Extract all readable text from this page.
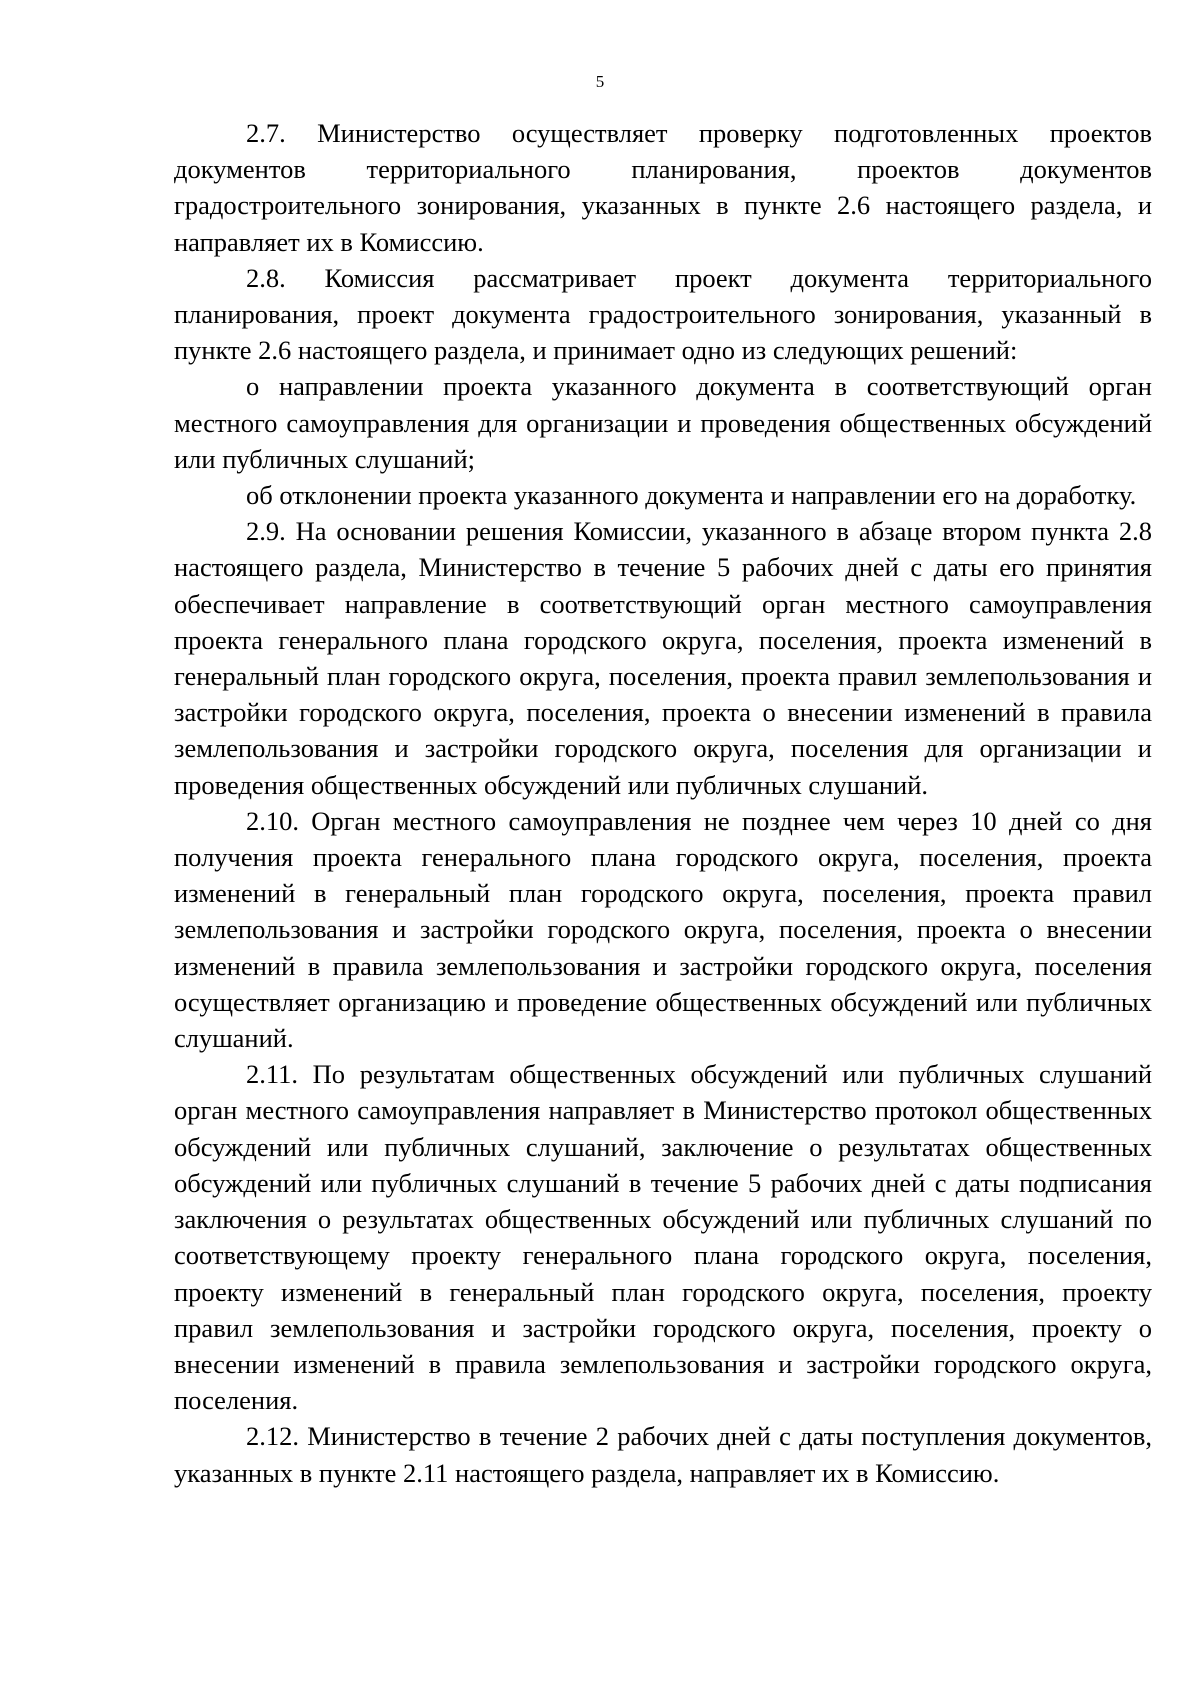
5

2.7. Министерство осуществляет проверку подготовленных проектов документов территориального планирования, проектов документов градостроительного зонирования, указанных в пункте 2.6 настоящего раздела, и направляет их в Комиссию.

2.8. Комиссия рассматривает проект документа территориального планирования, проект документа градостроительного зонирования, указанный в пункте 2.6 настоящего раздела, и принимает одно из следующих решений:

о направлении проекта указанного документа в соответствующий орган местного самоуправления для организации и проведения общественных обсуждений или публичных слушаний;

об отклонении проекта указанного документа и направлении его на доработку.

2.9. На основании решения Комиссии, указанного в абзаце втором пункта 2.8 настоящего раздела, Министерство в течение 5 рабочих дней с даты его принятия обеспечивает направление в соответствующий орган местного самоуправления проекта генерального плана городского округа, поселения, проекта изменений в генеральный план городского округа, поселения, проекта правил землепользования и застройки городского округа, поселения, проекта о внесении изменений в правила землепользования и застройки городского округа, поселения для организации и проведения общественных обсуждений или публичных слушаний.

2.10. Орган местного самоуправления не позднее чем через 10 дней со дня получения проекта генерального плана городского округа, поселения, проекта изменений в генеральный план городского округа, поселения, проекта правил землепользования и застройки городского округа, поселения, проекта о внесении изменений в правила землепользования и застройки городского округа, поселения осуществляет организацию и проведение общественных обсуждений или публичных слушаний.

2.11. По результатам общественных обсуждений или публичных слушаний орган местного самоуправления направляет в Министерство протокол общественных обсуждений или публичных слушаний, заключение о результатах общественных обсуждений или публичных слушаний в течение 5 рабочих дней с даты подписания заключения о результатах общественных обсуждений или публичных слушаний по соответствующему проекту генерального плана городского округа, поселения, проекту изменений в генеральный план городского округа, поселения, проекту правил землепользования и застройки городского округа, поселения, проекту о внесении изменений в правила землепользования и застройки городского округа, поселения.

2.12. Министерство в течение 2 рабочих дней с даты поступления документов, указанных в пункте 2.11 настоящего раздела, направляет их в Комиссию.
